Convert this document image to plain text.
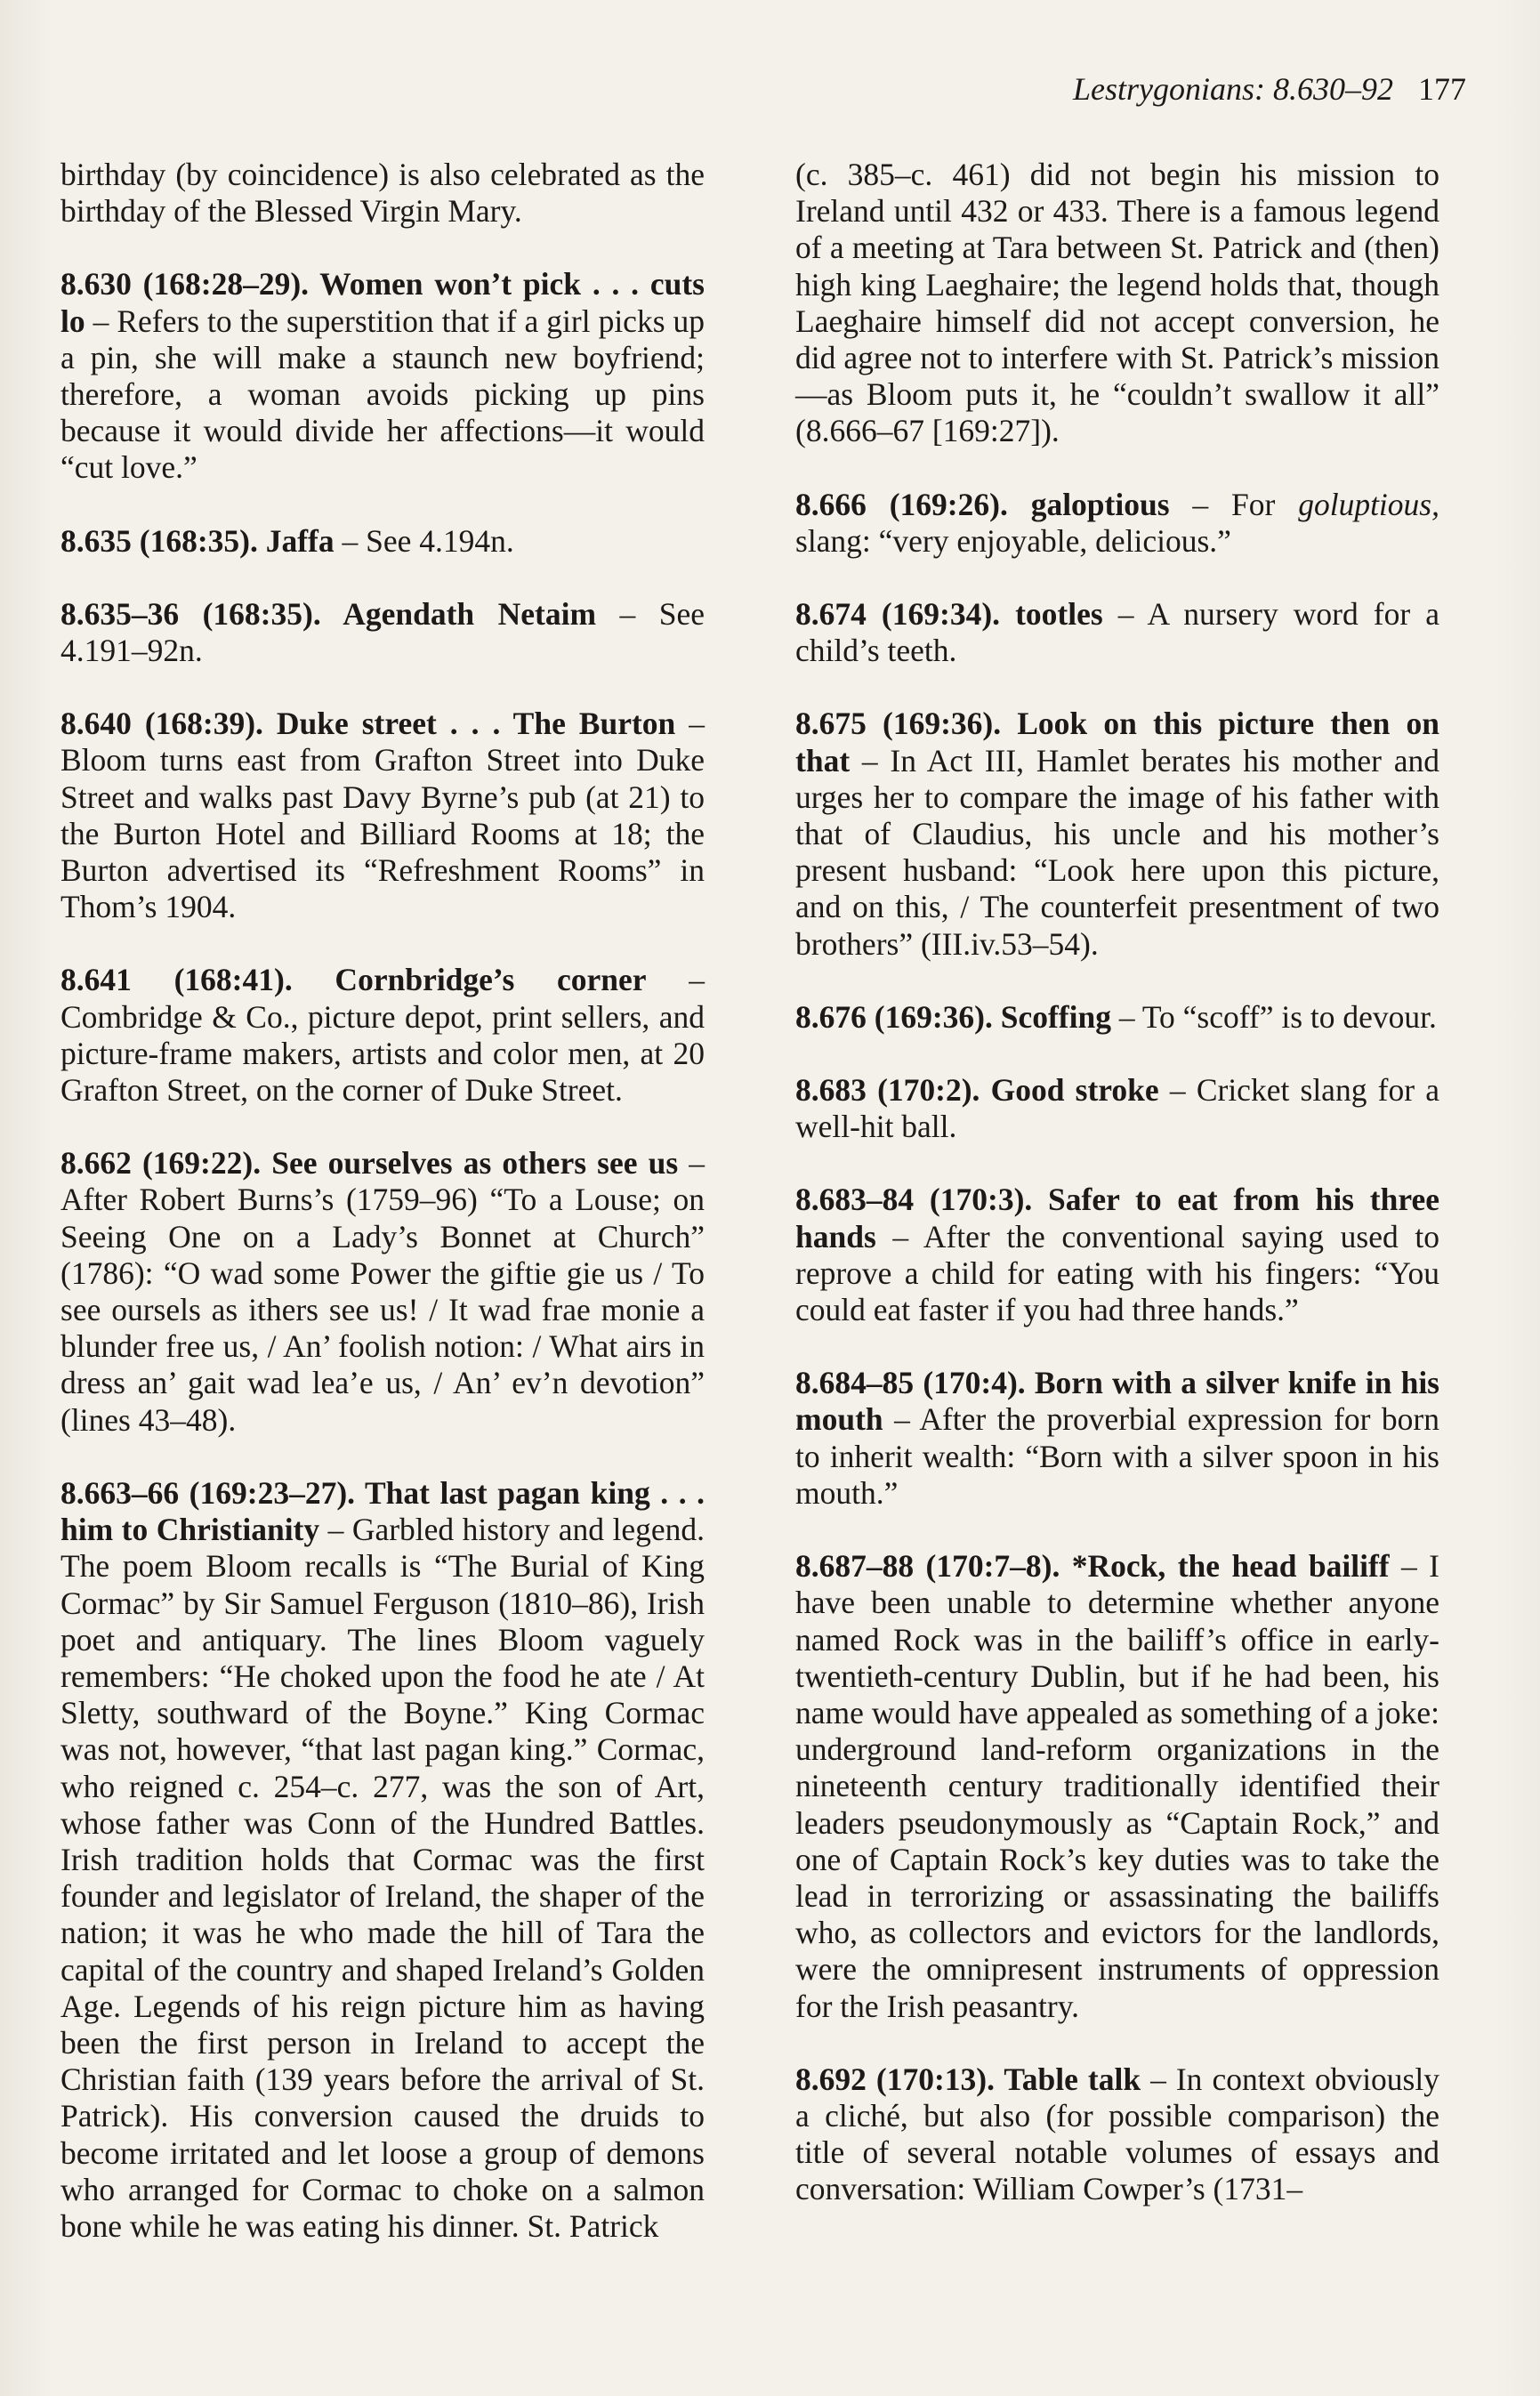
Lestrygonians: 8.630–92 177

birthday (by coincidence) is also celebrated as the birthday of the Blessed Virgin Mary.

8.630 (168:28–29). Women won’t pick . . . cuts lo – Refers to the superstition that if a girl picks up a pin, she will make a staunch new boyfriend; therefore, a woman avoids picking up pins because it would divide her affections—it would “cut love.”

8.635 (168:35). Jaffa – See 4.194n.

8.635–36 (168:35). Agendath Netaim – See 4.191–92n.

8.640 (168:39). Duke street . . . The Burton – Bloom turns east from Grafton Street into Duke Street and walks past Davy Byrne’s pub (at 21) to the Burton Hotel and Billiard Rooms at 18; the Burton advertised its “Refreshment Rooms” in Thom’s 1904.

8.641 (168:41). Cornbridge’s corner – Combridge & Co., picture depot, print sellers, and picture-frame makers, artists and color men, at 20 Grafton Street, on the corner of Duke Street.

8.662 (169:22). See ourselves as others see us – After Robert Burns’s (1759–96) “To a Louse; on Seeing One on a Lady’s Bonnet at Church” (1786): “O wad some Power the giftie gie us / To see oursels as ithers see us! / It wad frae monie a blunder free us, / An’ foolish notion: / What airs in dress an’ gait wad lea’e us, / An’ ev’n devotion” (lines 43–48).

8.663–66 (169:23–27). That last pagan king . . . him to Christianity – Garbled history and legend. The poem Bloom recalls is “The Burial of King Cormac” by Sir Samuel Ferguson (1810–86), Irish poet and antiquary. The lines Bloom vaguely remembers: “He choked upon the food he ate / At Sletty, southward of the Boyne.” King Cormac was not, however, “that last pagan king.” Cormac, who reigned c. 254–c. 277, was the son of Art, whose father was Conn of the Hundred Battles. Irish tradition holds that Cormac was the first founder and legislator of Ireland, the shaper of the nation; it was he who made the hill of Tara the capital of the country and shaped Ireland’s Golden Age. Legends of his reign picture him as having been the first person in Ireland to accept the Christian faith (139 years before the arrival of St. Patrick). His conversion caused the druids to become irritated and let loose a group of demons who arranged for Cormac to choke on a salmon bone while he was eating his dinner. St. Patrick

(c. 385–c. 461) did not begin his mission to Ireland until 432 or 433. There is a famous legend of a meeting at Tara between St. Patrick and (then) high king Laeghaire; the legend holds that, though Laeghaire himself did not accept conversion, he did agree not to interfere with St. Patrick’s mission—as Bloom puts it, he “couldn’t swallow it all” (8.666–67 [169:27]).

8.666 (169:26). galoptious – For goluptious, slang: “very enjoyable, delicious.”

8.674 (169:34). tootles – A nursery word for a child’s teeth.

8.675 (169:36). Look on this picture then on that – In Act III, Hamlet berates his mother and urges her to compare the image of his father with that of Claudius, his uncle and his mother’s present husband: “Look here upon this picture, and on this, / The counterfeit presentment of two brothers” (III.iv.53–54).

8.676 (169:36). Scoffing – To “scoff” is to devour.

8.683 (170:2). Good stroke – Cricket slang for a well-hit ball.

8.683–84 (170:3). Safer to eat from his three hands – After the conventional saying used to reprove a child for eating with his fingers: “You could eat faster if you had three hands.”

8.684–85 (170:4). Born with a silver knife in his mouth – After the proverbial expression for born to inherit wealth: “Born with a silver spoon in his mouth.”

8.687–88 (170:7–8). *Rock, the head bailiff – I have been unable to determine whether anyone named Rock was in the bailiff’s office in early-twentieth-century Dublin, but if he had been, his name would have appealed as something of a joke: underground land-reform organizations in the nineteenth century traditionally identified their leaders pseudonymously as “Captain Rock,” and one of Captain Rock’s key duties was to take the lead in terrorizing or assassinating the bailiffs who, as collectors and evictors for the landlords, were the omnipresent instruments of oppression for the Irish peasantry.

8.692 (170:13). Table talk – In context obviously a cliché, but also (for possible comparison) the title of several notable volumes of essays and conversation: William Cowper’s (1731–
